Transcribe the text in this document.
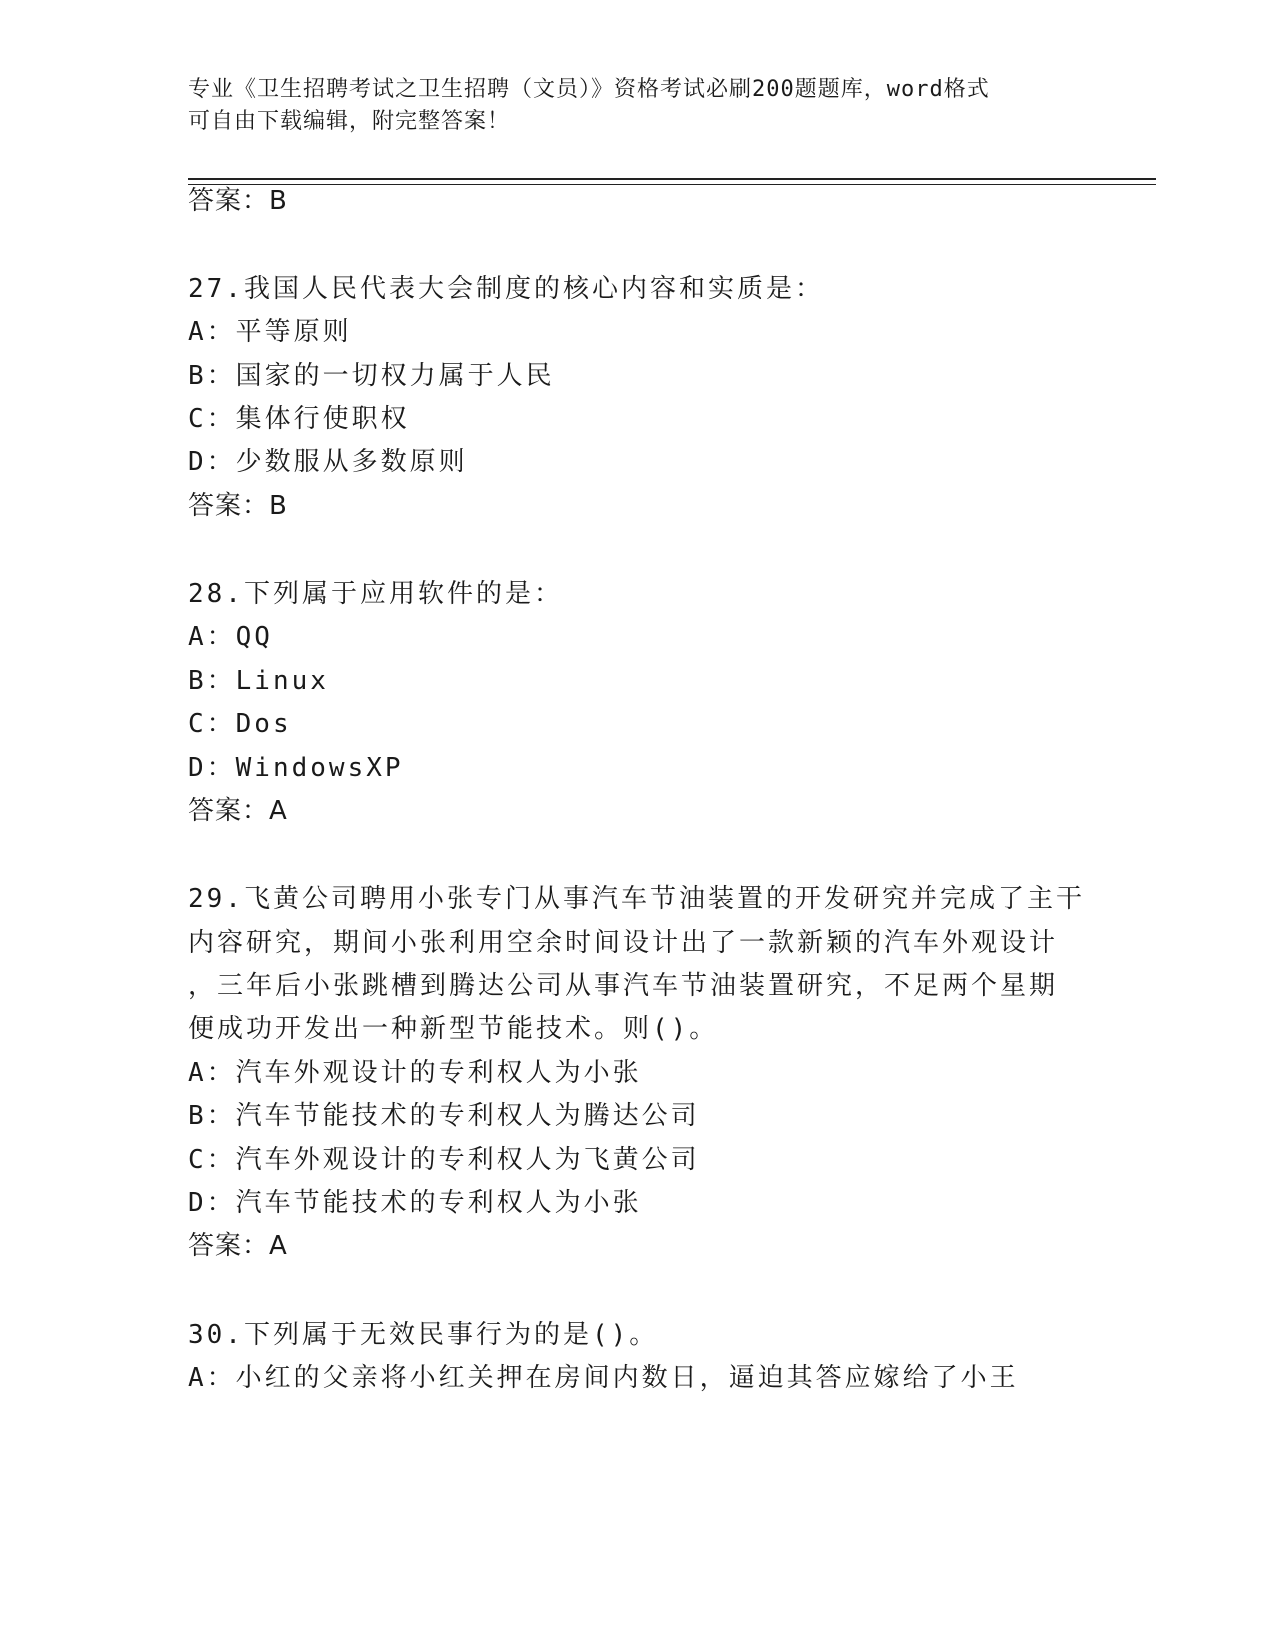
专业《卫生招聘考试之卫生招聘（文员）》资格考试必刷200题题库，word格式
可自由下载编辑，附完整答案！
答案：B
27.我国人民代表大会制度的核心内容和实质是：
A：平等原则
B：国家的一切权力属于人民
C：集体行使职权
D：少数服从多数原则
答案：B
28.下列属于应用软件的是：
A：QQ
B：Linux
C：Dos
D：WindowsXP
答案：A
29.飞黄公司聘用小张专门从事汽车节油装置的开发研究并完成了主干
内容研究，期间小张利用空余时间设计出了一款新颖的汽车外观设计
，三年后小张跳槽到腾达公司从事汽车节油装置研究，不足两个星期
便成功开发出一种新型节能技术。则()。
A：汽车外观设计的专利权人为小张
B：汽车节能技术的专利权人为腾达公司
C：汽车外观设计的专利权人为飞黄公司
D：汽车节能技术的专利权人为小张
答案：A
30.下列属于无效民事行为的是()。
A：小红的父亲将小红关押在房间内数日，逼迫其答应嫁给了小王
